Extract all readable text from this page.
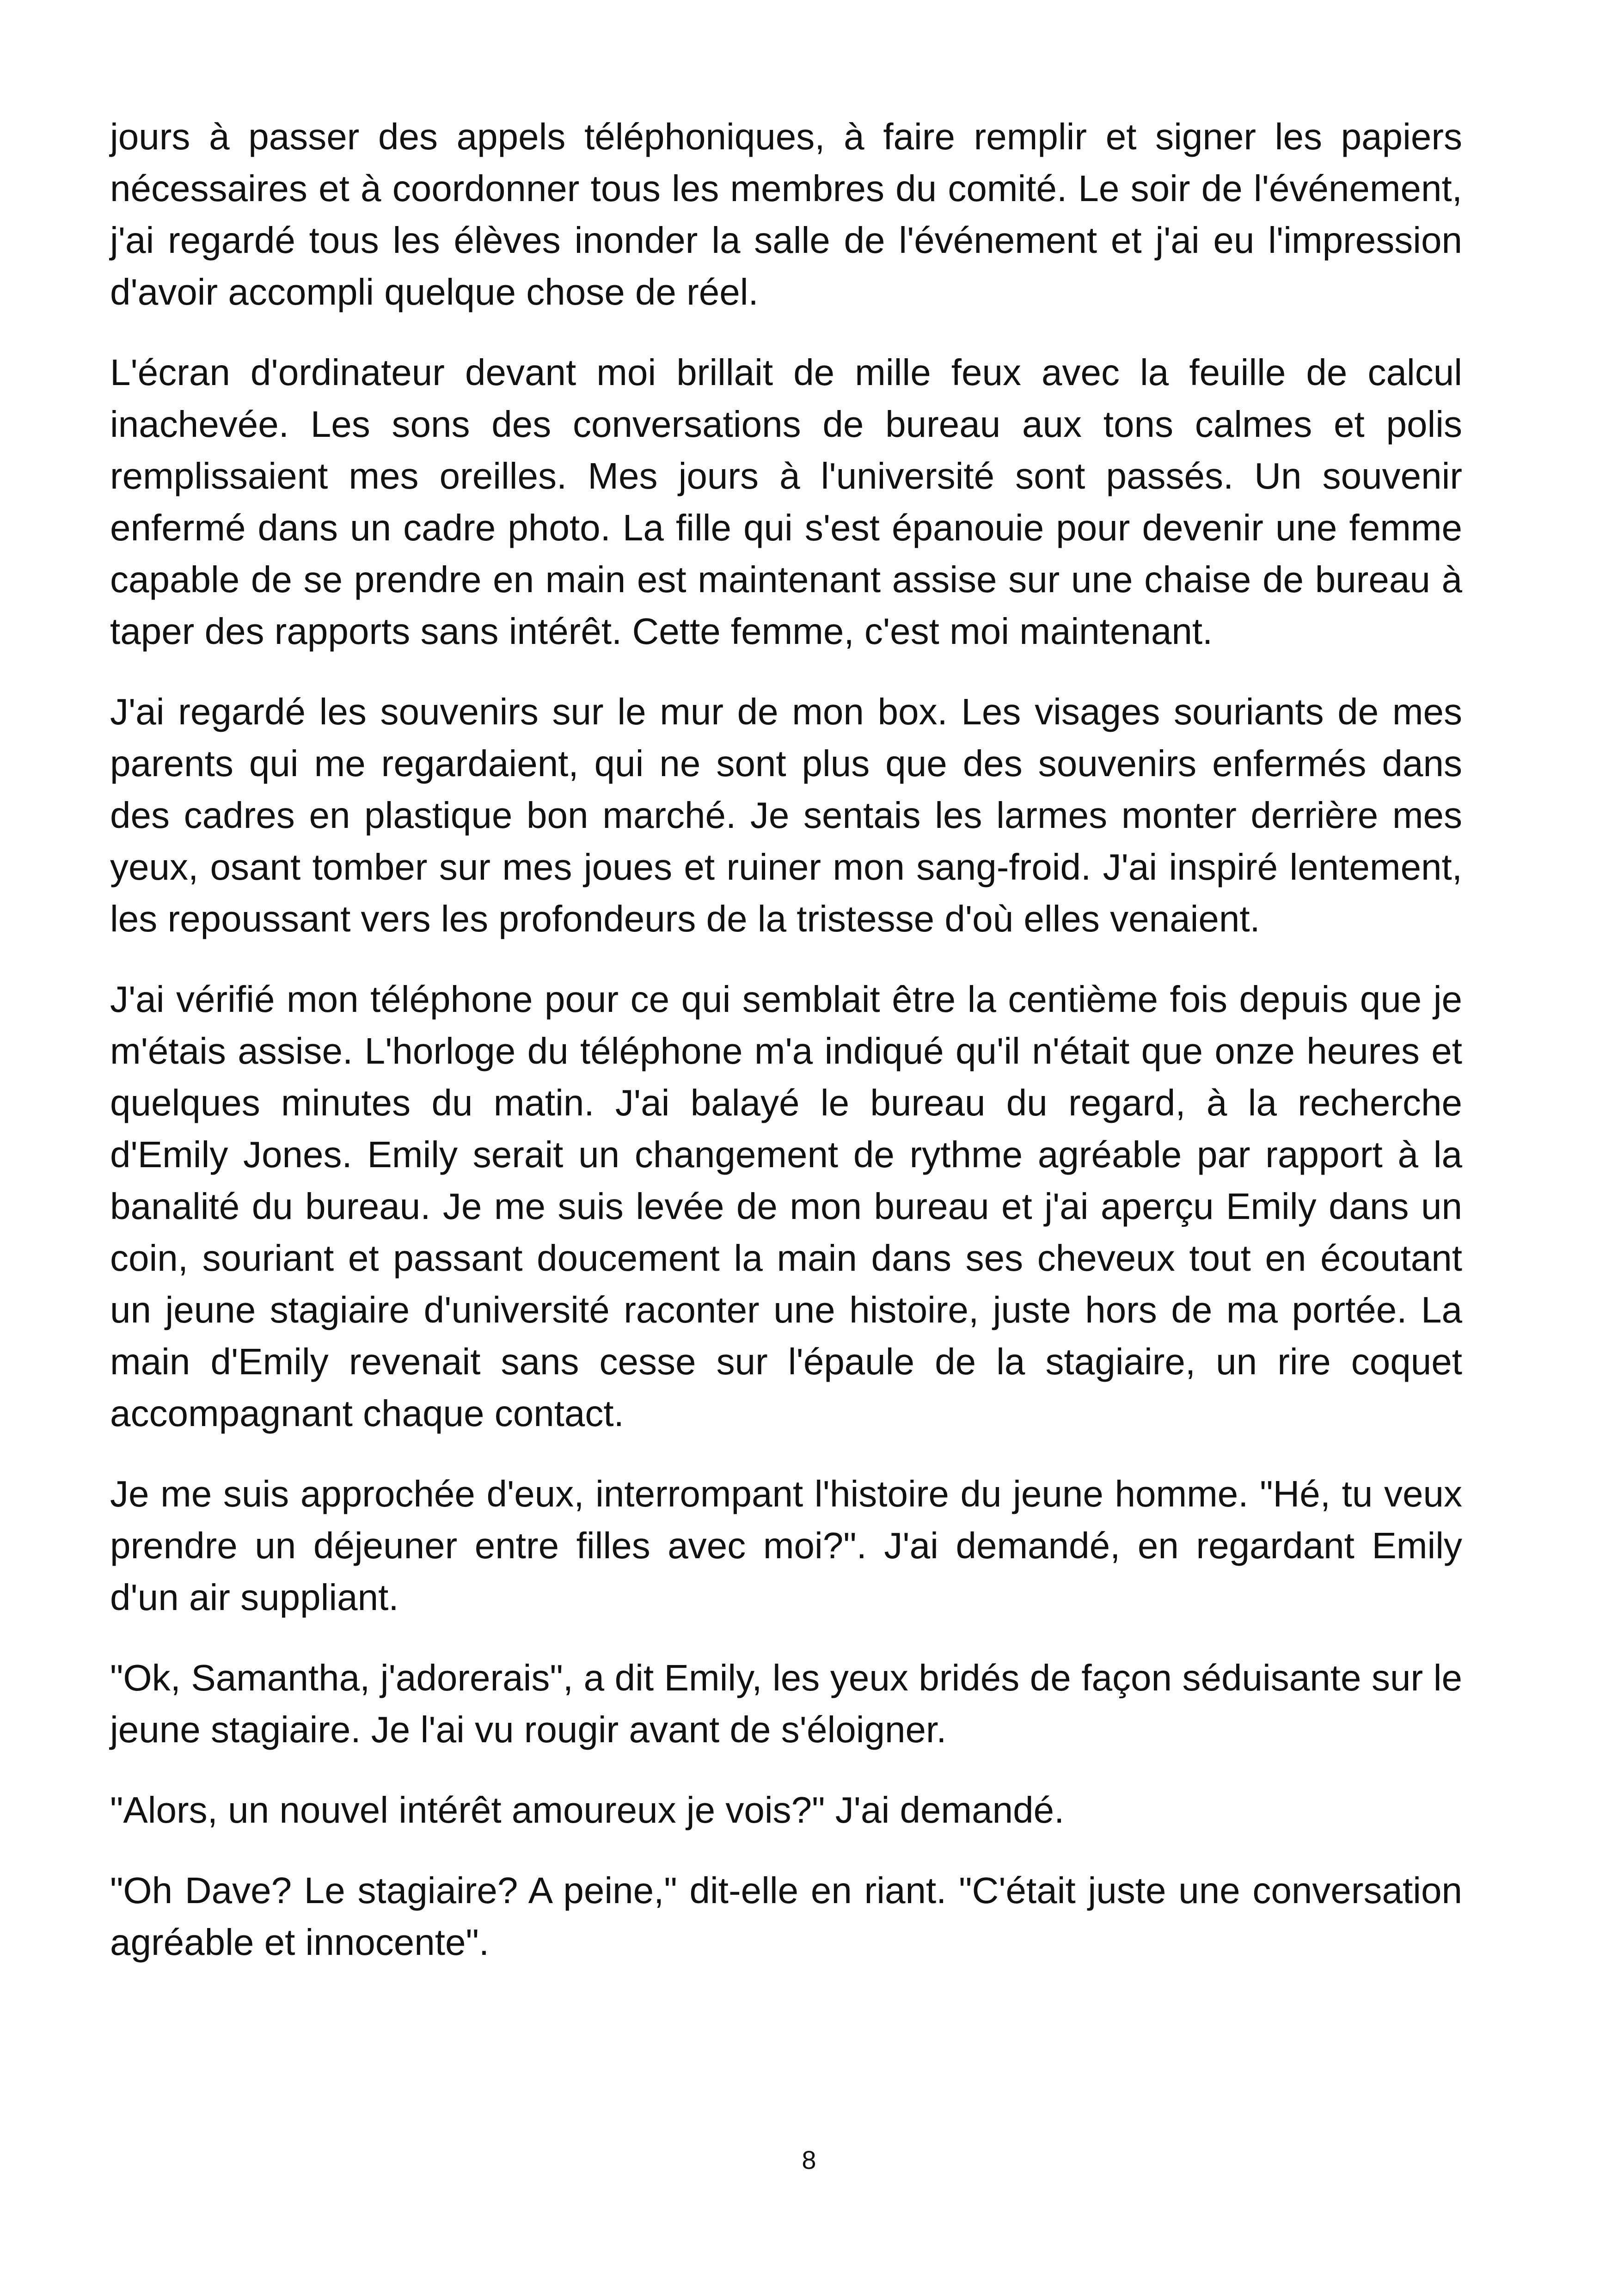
jours à passer des appels téléphoniques, à faire remplir et signer les papiers nécessaires et à coordonner tous les membres du comité. Le soir de l'événement, j'ai regardé tous les élèves inonder la salle de l'événement et j'ai eu l'impression d'avoir accompli quelque chose de réel.

L'écran d'ordinateur devant moi brillait de mille feux avec la feuille de calcul inachevée. Les sons des conversations de bureau aux tons calmes et polis remplissaient mes oreilles. Mes jours à l'université sont passés. Un souvenir enfermé dans un cadre photo. La fille qui s'est épanouie pour devenir une femme capable de se prendre en main est maintenant assise sur une chaise de bureau à taper des rapports sans intérêt. Cette femme, c'est moi maintenant.

J'ai regardé les souvenirs sur le mur de mon box. Les visages souriants de mes parents qui me regardaient, qui ne sont plus que des souvenirs enfermés dans des cadres en plastique bon marché. Je sentais les larmes monter derrière mes yeux, osant tomber sur mes joues et ruiner mon sang-froid. J'ai inspiré lentement, les repoussant vers les profondeurs de la tristesse d'où elles venaient.

J'ai vérifié mon téléphone pour ce qui semblait être la centième fois depuis que je m'étais assise. L'horloge du téléphone m'a indiqué qu'il n'était que onze heures et quelques minutes du matin. J'ai balayé le bureau du regard, à la recherche d'Emily Jones. Emily serait un changement de rythme agréable par rapport à la banalité du bureau. Je me suis levée de mon bureau et j'ai aperçu Emily dans un coin, souriant et passant doucement la main dans ses cheveux tout en écoutant un jeune stagiaire d'université raconter une histoire, juste hors de ma portée. La main d'Emily revenait sans cesse sur l'épaule de la stagiaire, un rire coquet accompagnant chaque contact.

Je me suis approchée d'eux, interrompant l'histoire du jeune homme. "Hé, tu veux prendre un déjeuner entre filles avec moi?". J'ai demandé, en regardant Emily d'un air suppliant.

"Ok, Samantha, j'adorerais", a dit Emily, les yeux bridés de façon séduisante sur le jeune stagiaire. Je l'ai vu rougir avant de s'éloigner.

"Alors, un nouvel intérêt amoureux je vois?" J'ai demandé.

"Oh Dave? Le stagiaire? A peine," dit-elle en riant. "C'était juste une conversation agréable et innocente".

8
